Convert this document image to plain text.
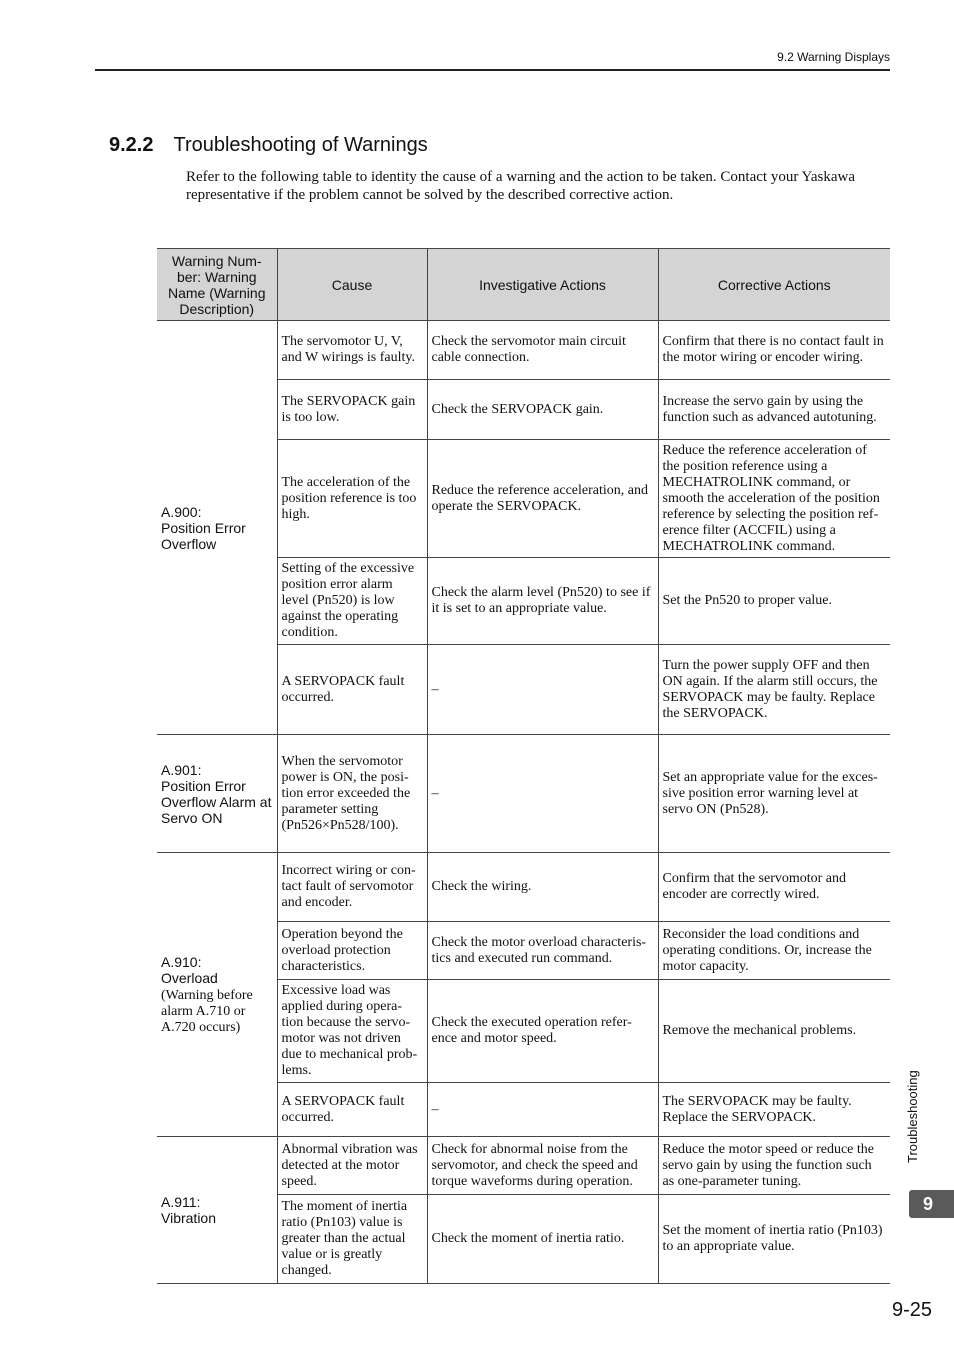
9.2 Warning Displays
9.2.2 Troubleshooting of Warnings
Refer to the following table to identity the cause of a warning and the action to be taken. Contact your Yaskawa representative if the problem cannot be solved by the described corrective action.
Warning Num-ber: Warning Name (Warning Description)	Cause	Investigative Actions	Corrective Actions

A.900:
Position Error Overflow	The servomotor U, V, and W wirings is faulty.	Check the servomotor main circuit cable connection.	Confirm that there is no contact fault in the motor wiring or encoder wiring.
	The SERVOPACK gain is too low.	Check the SERVOPACK gain.	Increase the servo gain by using the function such as advanced autotuning.
	The acceleration of the position reference is too high.	Reduce the reference acceleration, and operate the SERVOPACK.	Reduce the reference acceleration of the position reference using a MECHATROLINK command, or smooth the acceleration of the position reference by selecting the position ref-erence filter (ACCFIL) using a MECHATROLINK command.
	Setting of the excessive position error alarm level (Pn520) is low against the operating condition.	Check the alarm level (Pn520) to see if it is set to an appropriate value.	Set the Pn520 to proper value.
	A SERVOPACK fault occurred.	–	Turn the power supply OFF and then ON again. If the alarm still occurs, the SERVOPACK may be faulty. Replace the SERVOPACK.

A.901:
Position Error Overflow Alarm at Servo ON	When the servomotor power is ON, the posi-tion error exceeded the parameter setting (Pn526×Pn528/100).	–	Set an appropriate value for the exces-sive position error warning level at servo ON (Pn528).

A.910:
Overload
(Warning before alarm A.710 or A.720 occurs)	Incorrect wiring or con-tact fault of servomotor and encoder.	Check the wiring.	Confirm that the servomotor and encoder are correctly wired.
	Operation beyond the overload protection characteristics.	Check the motor overload characteris-tics and executed run command.	Reconsider the load conditions and operating conditions. Or, increase the motor capacity.
	Excessive load was applied during opera-tion because the servo-motor was not driven due to mechanical prob-lems.	Check the executed operation refer-ence and motor speed.	Remove the mechanical problems.
	A SERVOPACK fault occurred.	–	The SERVOPACK may be faulty. Replace the SERVOPACK.

A.911:
Vibration	Abnormal vibration was detected at the motor speed.	Check for abnormal noise from the servomotor, and check the speed and torque waveforms during operation.	Reduce the motor speed or reduce the servo gain by using the function such as one-parameter tuning.
	The moment of inertia ratio (Pn103) value is greater than the actual value or is greatly changed.	Check the moment of inertia ratio.	Set the moment of inertia ratio (Pn103) to an appropriate value.
Troubleshooting
9
9-25
